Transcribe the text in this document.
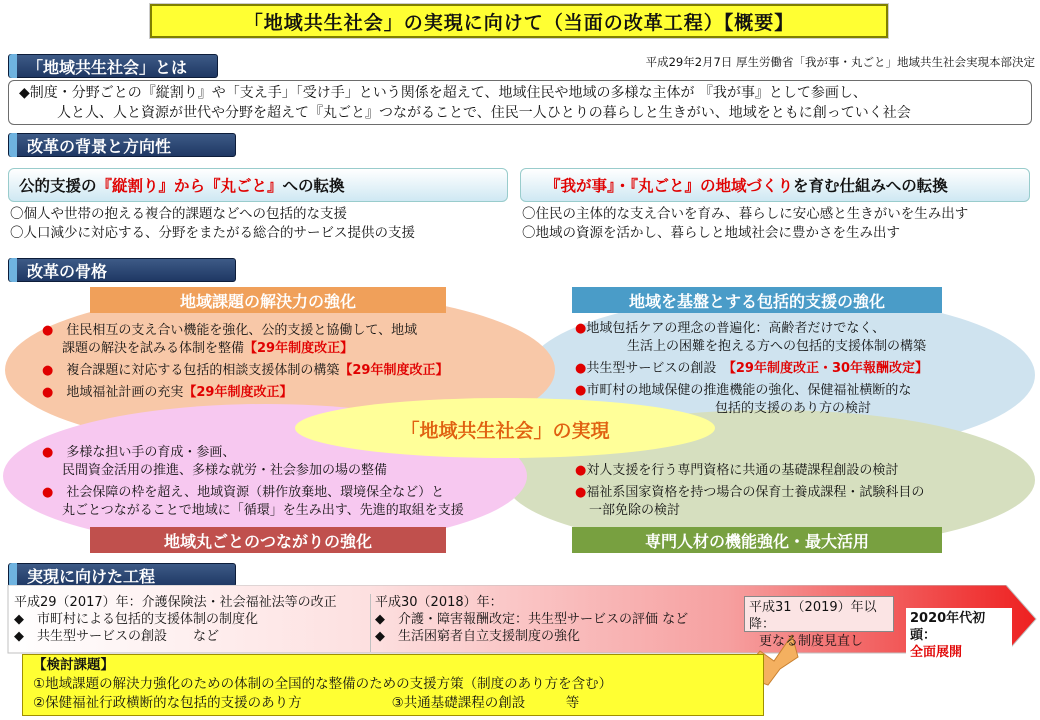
「地域共生社会」の実現に向けて（当面の改革工程）【概要】
「地域共生社会」とは	平成29年2月7日 厚生労働省「我が事・丸ごと」地域共生社会実現本部決定
◆制度・分野ごとの『縦割り』や「支え手」「受け手」という関係を超えて、地域住民や地域の多様な主体が 『我が事』として参画し、
人と人、人と資源が世代や分野を超えて『丸ごと』つながることで、住民一人ひとりの暮らしと生きがい、地域をともに創っていく社会
改革の背景と方向性
公的支援の 『縦割り』から『丸ごと』 への転換
〇個人や世帯の抱える複合的課題などへの包括的な支援
〇人口減少に対応する、分野をまたがる総合的サービス提供の支援
『我が事』・『丸ごと』の地域づくり を育む仕組みへの転換
〇住民の主体的な支え合いを育み、暮らしに安心感と生きがいを生み出す
〇地域の資源を活かし、暮らしと地域社会に豊かさを生み出す
改革の骨格
地域課題の解決力の強化	地域を基盤とする包括的支援の強化
地域丸ごとのつながりの強化	専門人材の機能強化・最大活用
●　 住民相互の支え合い機能を強化、公的支援と協働して、地域
課題の解決を試みる体制を整備【29年制度改正】
●　 複合課題に対応する包括的相談支援体制の構築【29年制度改正】
●　 地域福祉計画の充実【29年制度改正】
●地域包括ケアの理念の普遍化：高齢者だけでなく、
生活上の困難を抱える方への包括的支援体制の構築
●共生型サービスの創設　 【29年制度改正・30年報酬改定】
●市町村の地域保健の推進機能の強化、保健福祉横断的な
包括的支援のあり方の検討
「地域共生社会」の実現
●　 多様な担い手の育成・参画、
民間資金活用の推進、多様な就労・社会参加の場の整備
●　 社会保障の枠を超え、地域資源（耕作放棄地、環境保全など）と
丸ごとつながることで地域に「循環」を生み出す、先進的取組を支援
●対人支援を行う専門資格に共通の基礎課程創設の検討
●福祉系国家資格を持つ場合の保育士養成課程・試験科目の
一部免除の検討
実現に向けた工程
平成29（2017）年：介護保険法・社会福祉法等の改正
◆　市町村による包括的支援体制の制度化
◆　共生型サービスの創設　　など
平成30（2018）年：
◆　介護・障害報酬改定：共生型サービスの評価 など
◆　生活困窮者自立支援制度の強化
平成31（2019）年以降：
更なる制度見直し
2020年代初頭：
全面展開
【検討課題】
①地域課題の解決力強化のための体制の全国的な整備のための支援方策（制度のあり方を含む）
②保健福祉行政横断的な包括的支援のあり方	③共通基礎課程の創設　　　等
